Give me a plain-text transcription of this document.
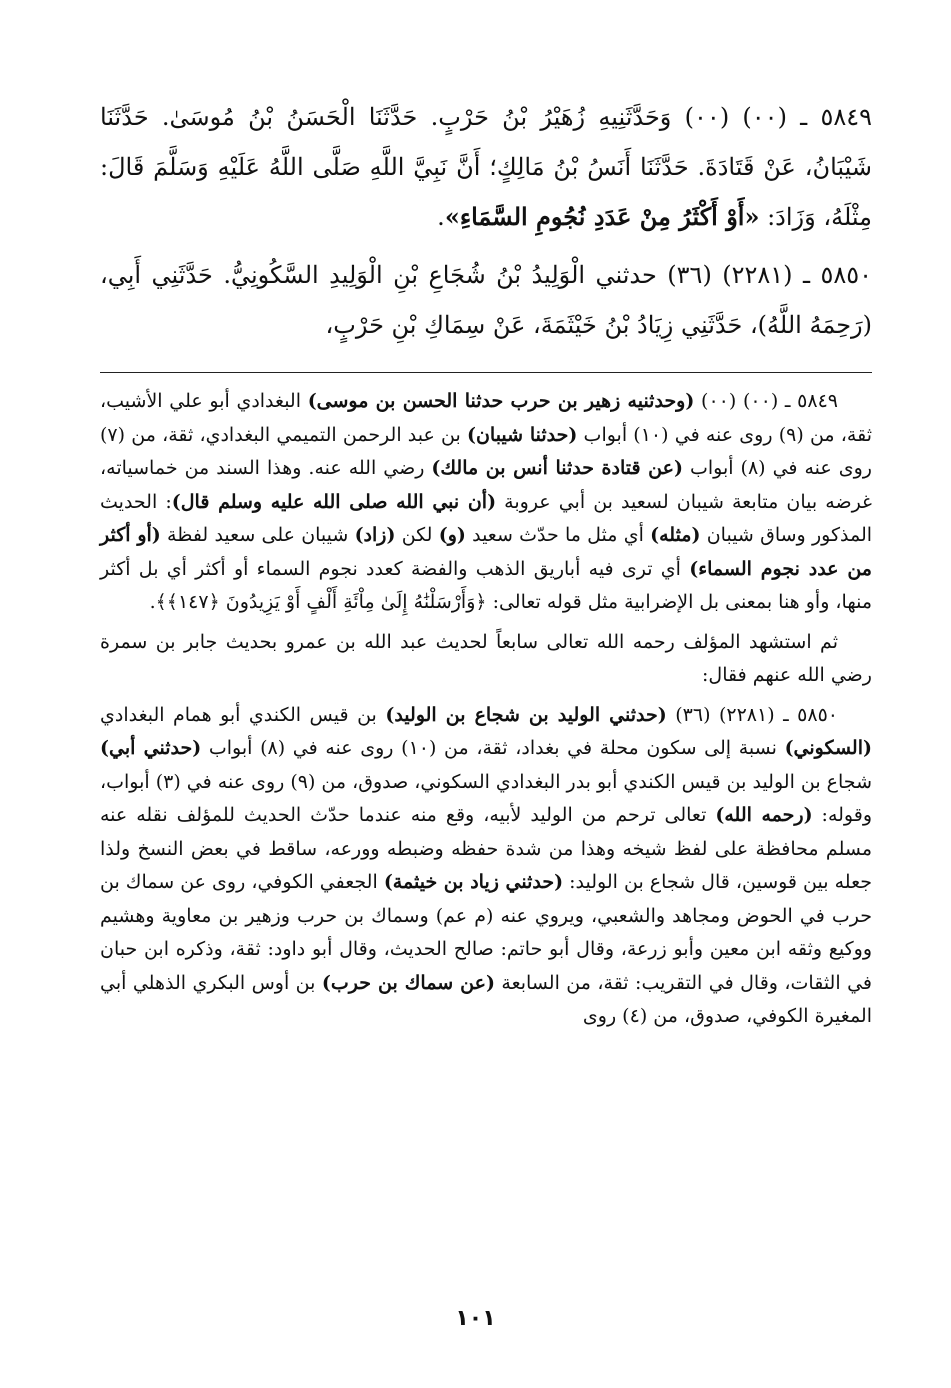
٥٨٤٩ ـ (٠٠) (٠٠) وَحَدَّثَنِيهِ زُهَيْرُ بْنُ حَرْبٍ. حَدَّثَنَا الْحَسَنُ بْنُ مُوسَىٰ. حَدَّثَنَا شَيْبَانُ، عَنْ قَتَادَةَ. حَدَّثَنَا أَنَسُ بْنُ مَالِكٍ؛ أَنَّ نَبِيَّ اللَّهِ صَلَّى اللَّهُ عَلَيْهِ وَسَلَّمَ قَالَ: مِثْلَهُ، وَزَادَ: «أَوْ أَكْثَرُ مِنْ عَدَدِ نُجُومِ السَّمَاءِ».

٥٨٥٠ ـ (٢٢٨١) (٣٦) حدثني الْوَلِيدُ بْنُ شُجَاعِ بْنِ الْوَلِيدِ السَّكُونِيُّ. حَدَّثَنِي أَبِي، (رَحِمَهُ اللَّهُ)، حَدَّثَنِي زِيَادُ بْنُ خَيْثَمَةَ، عَنْ سِمَاكِ بْنِ حَرْبٍ،

٥٨٤٩ ـ (٠٠) (٠٠) (وحدثنيه زهير بن حرب حدثنا الحسن بن موسى) البغدادي أبو علي الأشيب، ثقة، من (٩) روى عنه في (١٠) أبواب (حدثنا شيبان) بن عبد الرحمن التميمي البغدادي، ثقة، من (٧) روى عنه في (٨) أبواب (عن قتادة حدثنا أنس بن مالك) رضي الله عنه. وهذا السند من خماسياته، غرضه بيان متابعة شيبان لسعيد بن أبي عروبة (أن نبي الله صلى الله عليه وسلم قال): الحديث المذكور وساق شيبان (مثله) أي مثل ما حدّث سعيد (و) لكن (زاد) شيبان على سعيد لفظة (أو أكثر من عدد نجوم السماء) أي ترى فيه أباريق الذهب والفضة كعدد نجوم السماء أو أكثر أي بل أكثر منها، وأو هنا بمعنى بل الإضرابية مثل قوله تعالى: ﴿وَأَرْسَلْنَٰهُ إِلَىٰ مِاْئَةِ أَلْفٍ أَوْ يَزِيدُونَ ﴿١٤٧﴾﴾.

ثم استشهد المؤلف رحمه الله تعالى سابعاً لحديث عبد الله بن عمرو بحديث جابر بن سمرة رضي الله عنهم فقال:

٥٨٥٠ ـ (٢٢٨١) (٣٦) (حدثني الوليد بن شجاع بن الوليد) بن قيس الكندي أبو همام البغدادي (السكوني) نسبة إلى سكون محلة في بغداد، ثقة، من (١٠) روى عنه في (٨) أبواب (حدثني أبي) شجاع بن الوليد بن قيس الكندي أبو بدر البغدادي السكوني، صدوق، من (٩) روى عنه في (٣) أبواب، وقوله: (رحمه الله) تعالى ترحم من الوليد لأبيه، وقع منه عندما حدّث الحديث للمؤلف نقله عنه مسلم محافظة على لفظ شيخه وهذا من شدة حفظه وضبطه وورعه، ساقط في بعض النسخ ولذا جعله بين قوسين، قال شجاع بن الوليد: (حدثني زياد بن خيثمة) الجعفي الكوفي، روى عن سماك بن حرب في الحوض ومجاهد والشعبي، ويروي عنه (م عم) وسماك بن حرب وزهير بن معاوية وهشيم ووكيع وثقه ابن معين وأبو زرعة، وقال أبو حاتم: صالح الحديث، وقال أبو داود: ثقة، وذكره ابن حبان في الثقات، وقال في التقريب: ثقة، من السابعة (عن سماك بن حرب) بن أوس البكري الذهلي أبي المغيرة الكوفي، صدوق، من (٤) روى

١٠١
